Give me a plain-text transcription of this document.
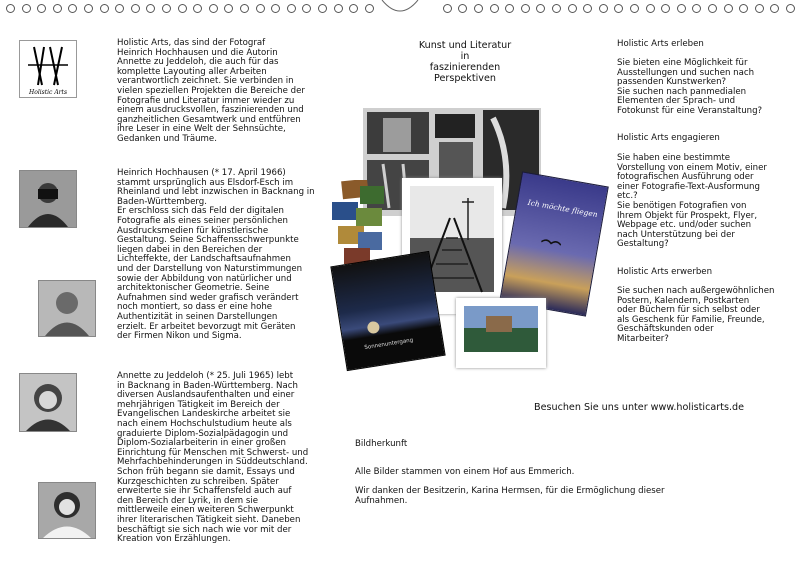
Holistic Arts
Holistic Arts, das sind der Fotograf
Heinrich Hochhausen und die Autorin
Annette zu Jeddeloh, die auch für das
komplette Layouting aller Arbeiten
verantwortlich zeichnet. Sie verbinden in
vielen speziellen Projekten die Bereiche der
Fotografie und Literatur immer wieder zu
einem ausdrucksvollen, faszinierenden und
ganzheitlichen Gesamtwerk und entführen
ihre Leser in eine Welt der Sehnsüchte,
Gedanken und Träume.
Heinrich Hochhausen (* 17. April 1966)
stammt ursprünglich aus Elsdorf-Esch im
Rheinland und lebt inzwischen in Backnang in
Baden-Württemberg.
Er erschloss sich das Feld der digitalen
Fotografie als eines seiner persönlichen
Ausdrucksmedien für künstlerische
Gestaltung. Seine Schaffensschwerpunkte
liegen dabei in den Bereichen der
Lichteffekte, der Landschaftsaufnahmen
und der Darstellung von Naturstimmungen
sowie der Abbildung von natürlicher und
architektonischer Geometrie. Seine
Aufnahmen sind weder grafisch verändert
noch montiert, so dass er eine hohe
Authentizität in seinen Darstellungen
erzielt. Er arbeitet bevorzugt mit Geräten
der Firmen Nikon und Sigma.
Annette zu Jeddeloh (* 25. Juli 1965) lebt
in Backnang in Baden-Württemberg. Nach
diversen Auslandsaufenthalten und einer
mehrjährigen Tätigkeit im Bereich der
Evangelischen Landeskirche arbeitet sie
nach einem Hochschulstudium heute als
graduierte Diplom-Sozialpädagogin und
Diplom-Sozialarbeiterin in einer großen
Einrichtung für Menschen mit Schwerst- und
Mehrfachbehinderungen in Süddeutschland.
Schon früh begann sie damit, Essays und
Kurzgeschichten zu schreiben. Später
erweiterte sie ihr Schaffensfeld auch auf
den Bereich der Lyrik, in dem sie
mittlerweile einen weiteren Schwerpunkt
ihrer literarischen Tätigkeit sieht. Daneben
beschäftigt sie sich nach wie vor mit der
Kreation von Erzählungen.
Kunst und Literatur
in
faszinierenden
Perspektiven
Ich möchte fliegen
Sonnenuntergang
Besuchen Sie uns unter www.holisticarts.de
Bildherkunft
Alle Bilder stammen von einem Hof aus Emmerich.
Wir danken der Besitzerin, Karina Hermsen, für die Ermöglichung dieser
Aufnahmen.
Holistic Arts erleben
Sie bieten eine Möglichkeit für
Ausstellungen und suchen nach
passenden Kunstwerken?
Sie suchen nach panmedialen
Elementen der Sprach- und
Fotokunst für eine Veranstaltung?
Holistic Arts engagieren
Sie haben eine bestimmte
Vorstellung von einem Motiv, einer
fotografischen Ausführung oder
einer Fotografie-Text-Ausformung
etc.?
Sie benötigen Fotografien von
Ihrem Objekt für Prospekt, Flyer,
Webpage etc. und/oder suchen
nach Unterstützung bei der
Gestaltung?
Holistic Arts erwerben
Sie suchen nach außergewöhnlichen
Postern, Kalendern, Postkarten
oder Büchern für sich selbst oder
als Geschenk für Familie, Freunde,
Geschäftskunden oder
Mitarbeiter?
